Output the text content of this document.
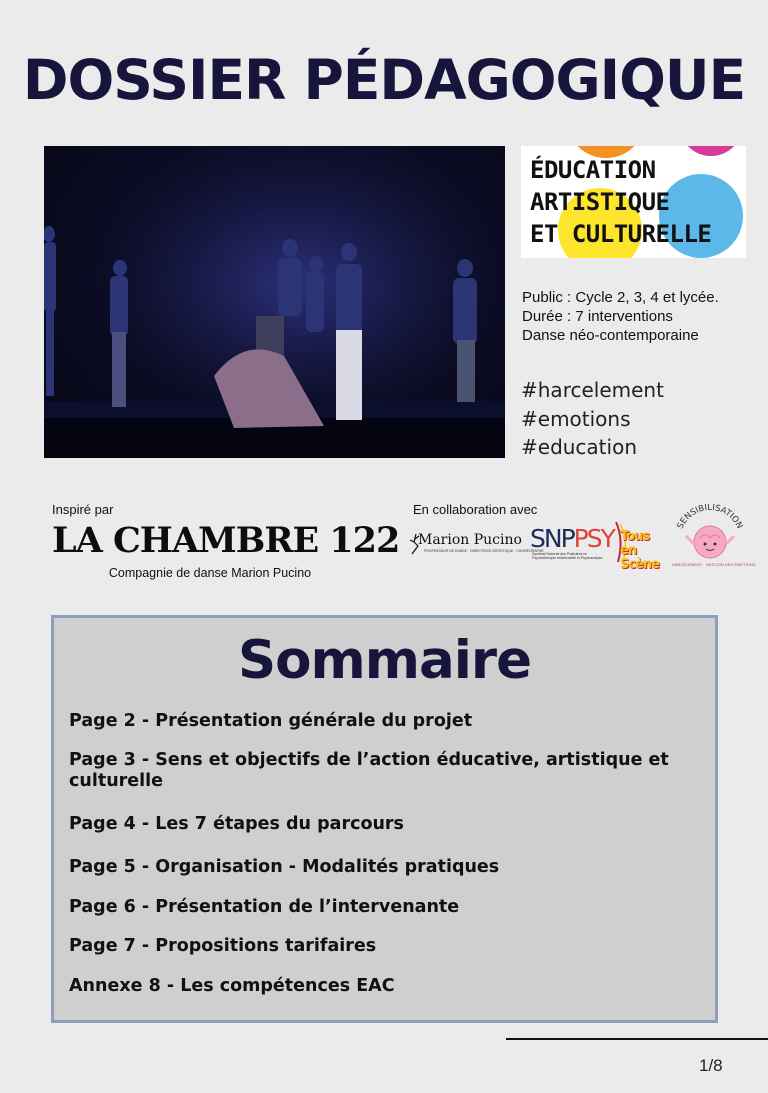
DOSSIER PÉDAGOGIQUE
ÉDUCATION
ARTISTIQUE
ET CULTURELLE
Public : Cycle 2, 3, 4 et lycée.
Durée : 7 interventions
Danse néo-contemporaine
#harcelement
#emotions
#education
Inspiré par
LA CHAMBRE 122
Compagnie de danse Marion Pucino
En collaboration avec
Marion Pucino
PROFESSEUR DE DANSE · DIRECTRICE ARTISTIQUE · CHORÉGRAPHE
SNPPSY
Syndicat National des Praticiens en Psychothérapie relationnelle et Psychanalyse
Tous en
Scène
SENSIBILISATION
HARCÈLEMENT · GESTION DES ÉMOTIONS
Sommaire
Page 2 - Présentation générale du projet
Page 3 - Sens et objectifs de l’action éducative, artistique et culturelle
Page 4 - Les 7 étapes du parcours
Page 5 - Organisation - Modalités pratiques
Page 6 - Présentation de l’intervenante
Page 7 - Propositions tarifaires
Annexe 8 - Les compétences EAC
1/8
